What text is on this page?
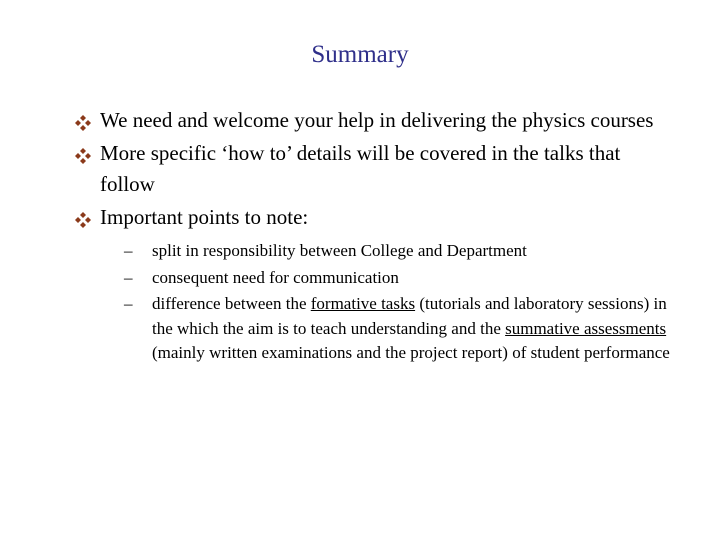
Summary
We need and welcome your help in delivering the physics courses
More specific ‘how to’ details will be covered in the talks that follow
Important points to note:
– split in responsibility between College and Department
– consequent need for communication
– difference between the formative tasks (tutorials and laboratory sessions) in the which the aim is to teach understanding and the summative assessments (mainly written examinations and the project report) of student performance
